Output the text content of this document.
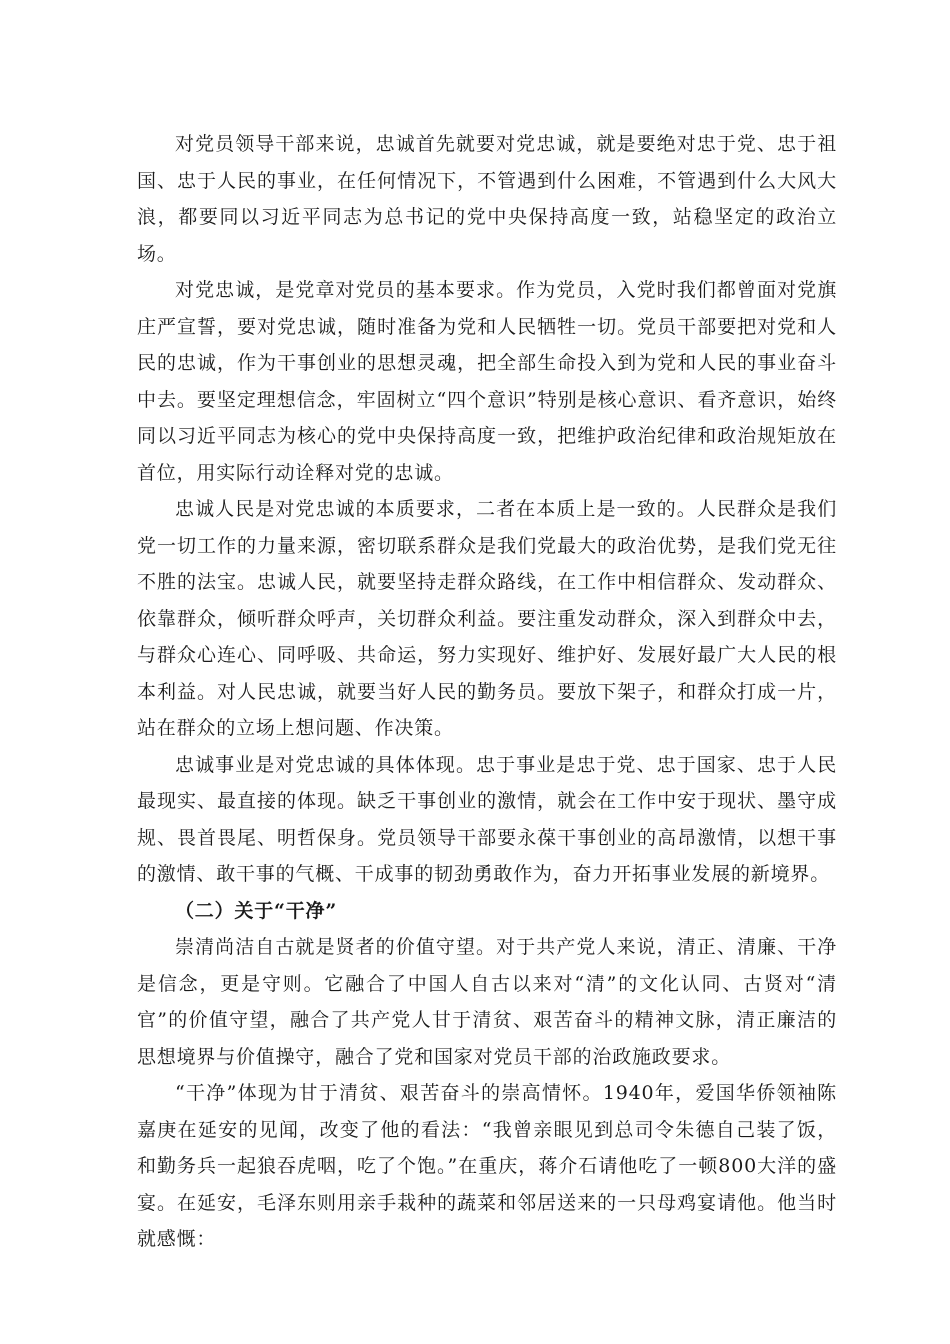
对党员领导干部来说，忠诚首先就要对党忠诚，就是要绝对忠于党、忠于祖国、忠于人民的事业，在任何情况下，不管遇到什么困难，不管遇到什么大风大浪，都要同以习近平同志为总书记的党中央保持高度一致，站稳坚定的政治立场。

对党忠诚，是党章对党员的基本要求。作为党员，入党时我们都曾面对党旗庄严宣誓，要对党忠诚，随时准备为党和人民牺牲一切。党员干部要把对党和人民的忠诚，作为干事创业的思想灵魂，把全部生命投入到为党和人民的事业奋斗中去。要坚定理想信念，牢固树立“四个意识”特别是核心意识、看齐意识，始终同以习近平同志为核心的党中央保持高度一致，把维护政治纪律和政治规矩放在首位，用实际行动诠释对党的忠诚。

忠诚人民是对党忠诚的本质要求，二者在本质上是一致的。人民群众是我们党一切工作的力量来源，密切联系群众是我们党最大的政治优势，是我们党无往不胜的法宝。忠诚人民，就要坚持走群众路线，在工作中相信群众、发动群众、依靠群众，倾听群众呼声，关切群众利益。要注重发动群众，深入到群众中去，与群众心连心、同呼吸、共命运，努力实现好、维护好、发展好最广大人民的根本利益。对人民忠诚，就要当好人民的勤务员。要放下架子，和群众打成一片，站在群众的立场上想问题、作决策。

忠诚事业是对党忠诚的具体体现。忠于事业是忠于党、忠于国家、忠于人民最现实、最直接的体现。缺乏干事创业的激情，就会在工作中安于现状、墨守成规、畏首畏尾、明哲保身。党员领导干部要永葆干事创业的高昂激情，以想干事的激情、敢干事的气概、干成事的韧劲勇敢作为，奋力开拓事业发展的新境界。

（二）关于“干净”

崇清尚洁自古就是贤者的价值守望。对于共产党人来说，清正、清廉、干净是信念，更是守则。它融合了中国人自古以来对“清”的文化认同、古贤对“清官”的价值守望，融合了共产党人甘于清贫、艰苦奋斗的精神文脉，清正廉洁的思想境界与价值操守，融合了党和国家对党员干部的治政施政要求。

“干净”体现为甘于清贫、艰苦奋斗的崇高情怀。1940年，爱国华侨领袖陈嘉庚在延安的见闻，改变了他的看法：“我曾亲眼见到总司令朱德自己装了饭，和勤务兵一起狼吞虎咽，吃了个饱。”在重庆，蒋介石请他吃了一顿800大洋的盛宴。在延安，毛泽东则用亲手栽种的蔬菜和邻居送来的一只母鸡宴请他。他当时就感慨：
